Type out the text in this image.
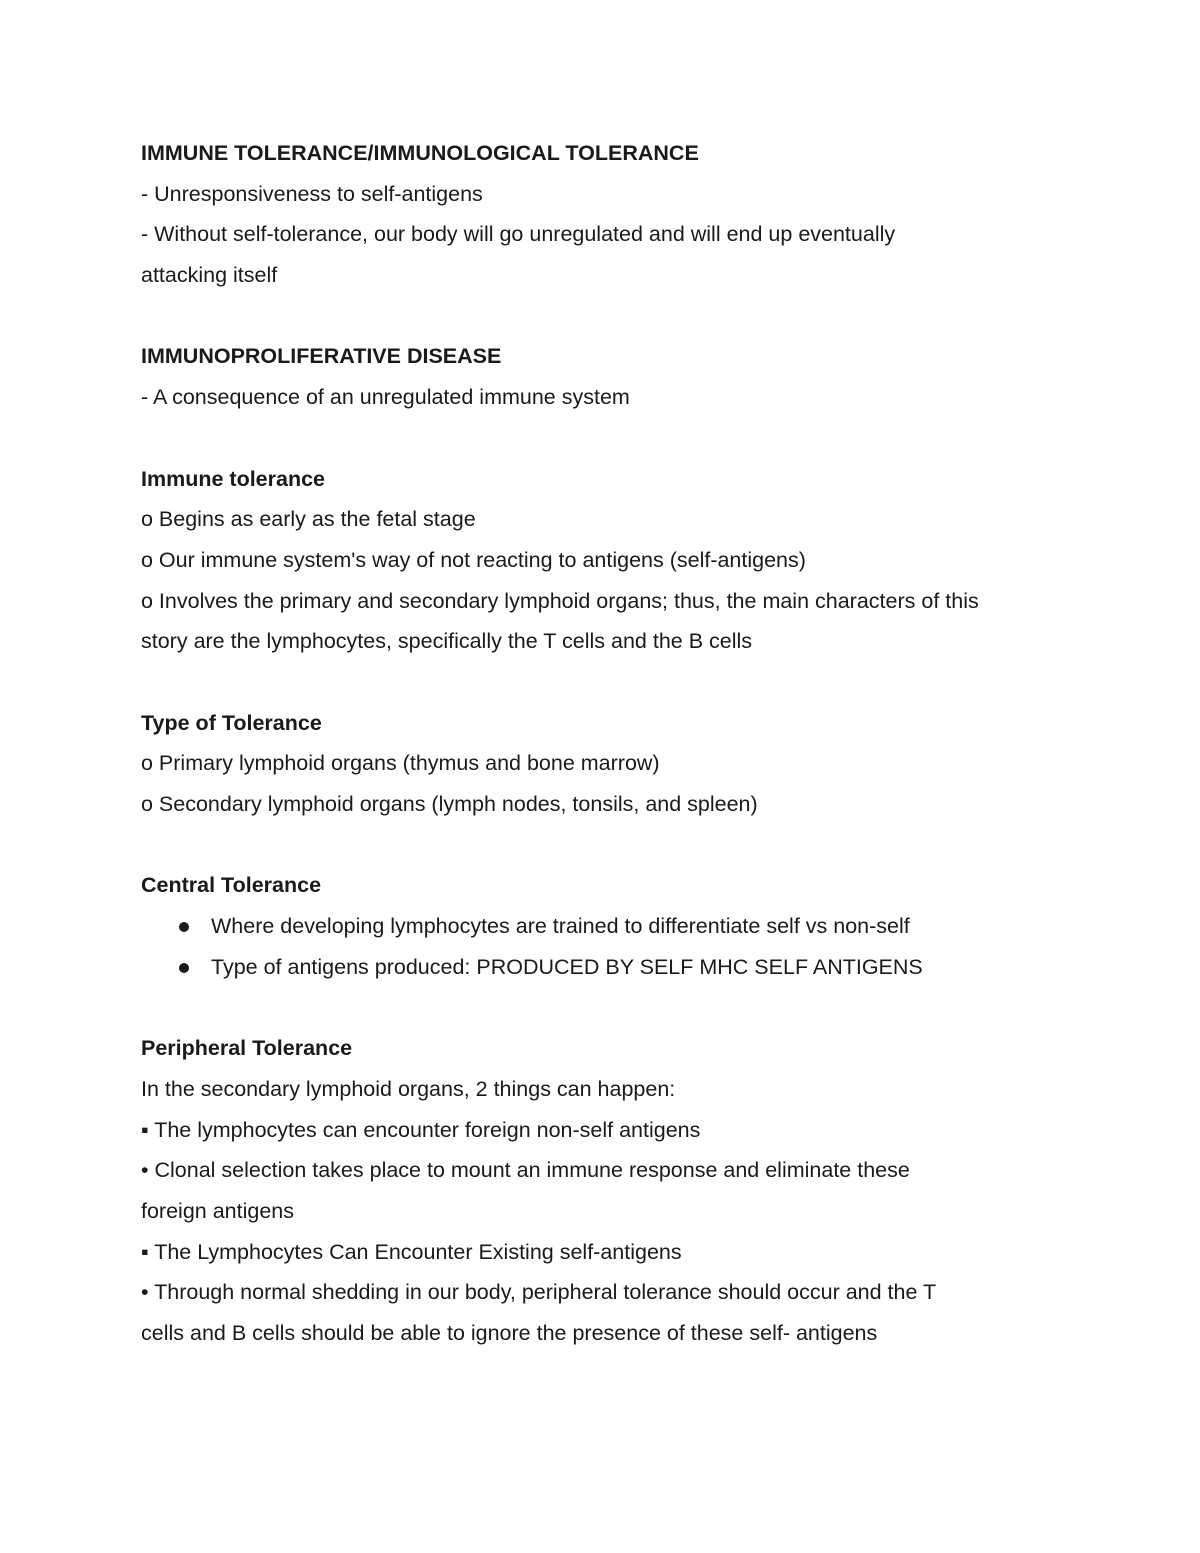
IMMUNE TOLERANCE/IMMUNOLOGICAL TOLERANCE
- Unresponsiveness to self-antigens
- Without self-tolerance, our body will go unregulated and will end up eventually
attacking itself
IMMUNOPROLIFERATIVE DISEASE
- A consequence of an unregulated immune system
Immune tolerance
o Begins as early as the fetal stage
o Our immune system's way of not reacting to antigens (self-antigens)
o Involves the primary and secondary lymphoid organs; thus, the main characters of this
story are the lymphocytes, specifically the T cells and the B cells
Type of Tolerance
o Primary lymphoid organs (thymus and bone marrow)
o Secondary lymphoid organs (lymph nodes, tonsils, and spleen)
Central Tolerance
Where developing lymphocytes are trained to differentiate self vs non-self
Type of antigens produced: PRODUCED BY SELF MHC SELF ANTIGENS
Peripheral Tolerance
In the secondary lymphoid organs, 2 things can happen:
▪ The lymphocytes can encounter foreign non-self antigens
• Clonal selection takes place to mount an immune response and eliminate these
foreign antigens
▪ The Lymphocytes Can Encounter Existing self-antigens
• Through normal shedding in our body, peripheral tolerance should occur and the T
cells and B cells should be able to ignore the presence of these self- antigens
